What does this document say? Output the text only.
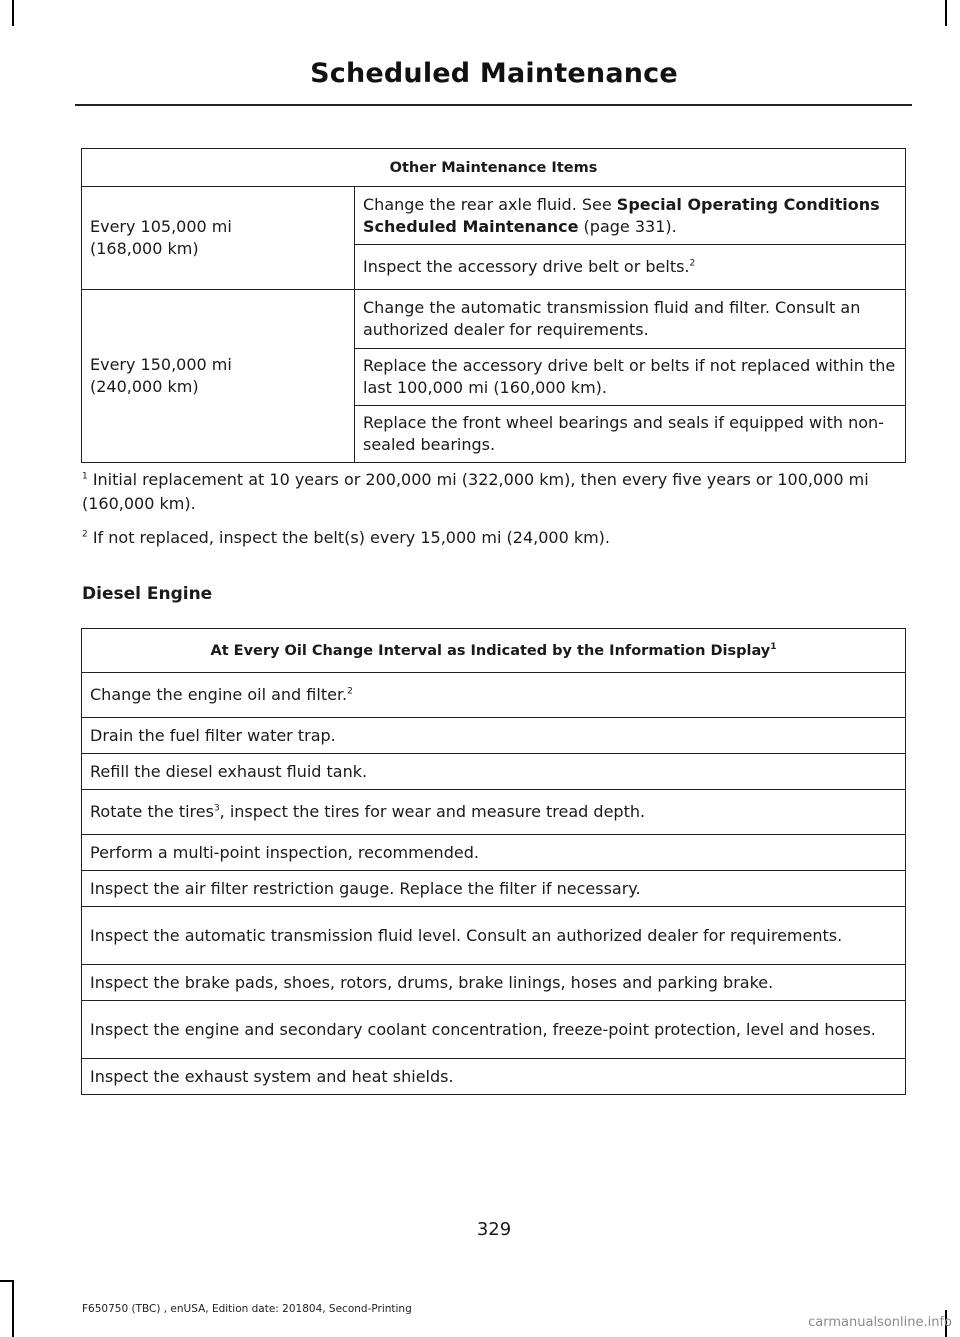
Scheduled Maintenance
Other Maintenance Items	
Every 105,000 mi
(168,000 km)	Change the rear axle fluid. See Special Operating Conditions Scheduled Maintenance (page 331).
	Inspect the accessory drive belt or belts.$^2$
Every 150,000 mi
(240,000 km)	Change the automatic transmission fluid and filter. Consult an authorized dealer for requirements.
	Replace the accessory drive belt or belts if not replaced within the last 100,000 mi (160,000 km).
	Replace the front wheel bearings and seals if equipped with non-sealed bearings.
$^1$ Initial replacement at 10 years or 200,000 mi (322,000 km), then every five years or 100,000 mi (160,000 km).
$^2$ If not replaced, inspect the belt(s) every 15,000 mi (24,000 km).
Diesel Engine
At Every Oil Change Interval as Indicated by the Information Display$^1$
Change the engine oil and filter.$^2$
Drain the fuel filter water trap.
Refill the diesel exhaust fluid tank.
Rotate the tires$^3$, inspect the tires for wear and measure tread depth.
Perform a multi-point inspection, recommended.
Inspect the air filter restriction gauge. Replace the filter if necessary.
Inspect the automatic transmission fluid level. Consult an authorized dealer for requirements.
Inspect the brake pads, shoes, rotors, drums, brake linings, hoses and parking brake.
Inspect the engine and secondary coolant concentration, freeze-point protection, level and hoses.
Inspect the exhaust system and heat shields.
329
F650750 (TBC) , enUSA, Edition date: 201804, Second-Printing
carmanualsonline.info
